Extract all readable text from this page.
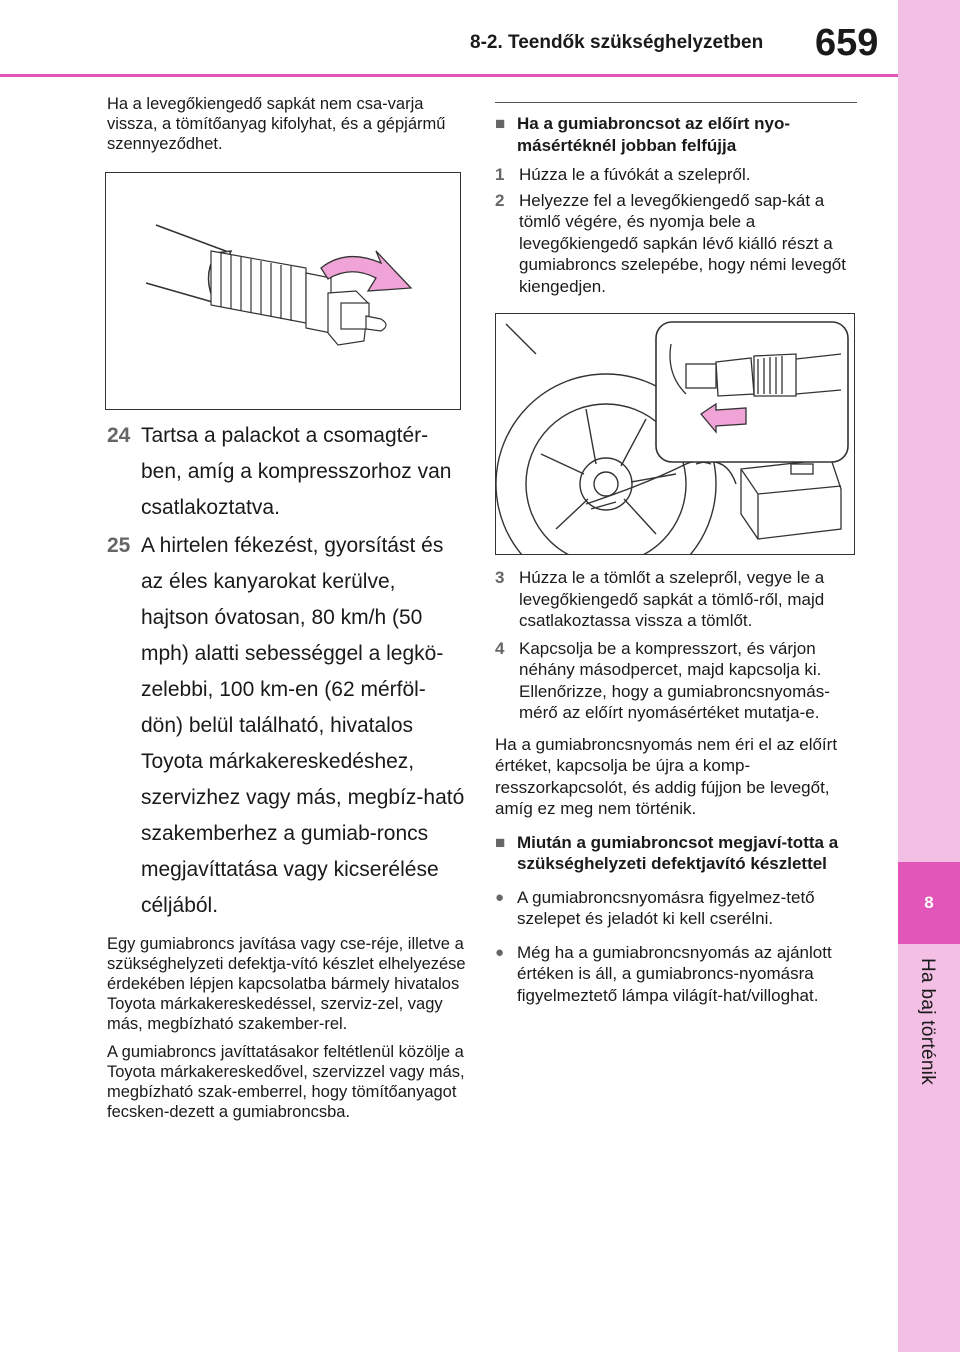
8
Ha baj történik
8-2. Teendők szükséghelyzetben 659

Ha a levegőkiengedő sapkát nem csa-varja vissza, a tömítőanyag kifolyhat, és a gépjármű szennyeződhet.

24 Tartsa a palackot a csomagtér-ben, amíg a kompresszorhoz van csatlakoztatva.
25 A hirtelen fékezést, gyorsítást és az éles kanyarokat kerülve, hajtson óvatosan, 80 km/h (50 mph) alatti sebességgel a legkö-zelebbi, 100 km-en (62 mérföl-dön) belül található, hivatalos Toyota márkakereskedéshez, szervizhez vagy más, megbíz-ható szakemberhez a gumiab-roncs megjavíttatása vagy kicserélése céljából.

Egy gumiabroncs javítása vagy cse-réje, illetve a szükséghelyzeti defektja-vító készlet elhelyezése érdekében lépjen kapcsolatba bármely hivatalos Toyota márkakereskedéssel, szerviz-zel, vagy más, megbízható szakember-rel.

A gumiabroncs javíttatásakor feltétlenül közölje a Toyota márkakereskedővel, szervizzel vagy más, megbízható szak-emberrel, hogy tömítőanyagot fecsken-dezett a gumiabroncsba.

■ Ha a gumiabroncsot az előírt nyo-másértéknél jobban felfújja
1 Húzza le a fúvókát a szelepről.
2 Helyezze fel a levegőkiengedő sap-kát a tömlő végére, és nyomja bele a levegőkiengedő sapkán lévő kiálló részt a gumiabroncs szelepébe, hogy némi levegőt kiengedjen.
3 Húzza le a tömlőt a szelepről, vegye le a levegőkiengedő sapkát a tömlő-ről, majd csatlakoztassa vissza a tömlőt.
4 Kapcsolja be a kompresszort, és várjon néhány másodpercet, majd kapcsolja ki. Ellenőrizze, hogy a gumiabroncsnyomás-mérő az előírt nyomásértéket mutatja-e.

Ha a gumiabroncsnyomás nem éri el az előírt értéket, kapcsolja be újra a komp-resszorkapcsolót, és addig fújjon be levegőt, amíg ez meg nem történik.

■ Miután a gumiabroncsot megjaví-totta a szükséghelyzeti defektjavító készlettel
● A gumiabroncsnyomásra figyelmez-tető szelepet és jeladót ki kell cserélni.
● Még ha a gumiabroncsnyomás az ajánlott értéken is áll, a gumiabroncs-nyomásra figyelmeztető lámpa világít-hat/villoghat.
